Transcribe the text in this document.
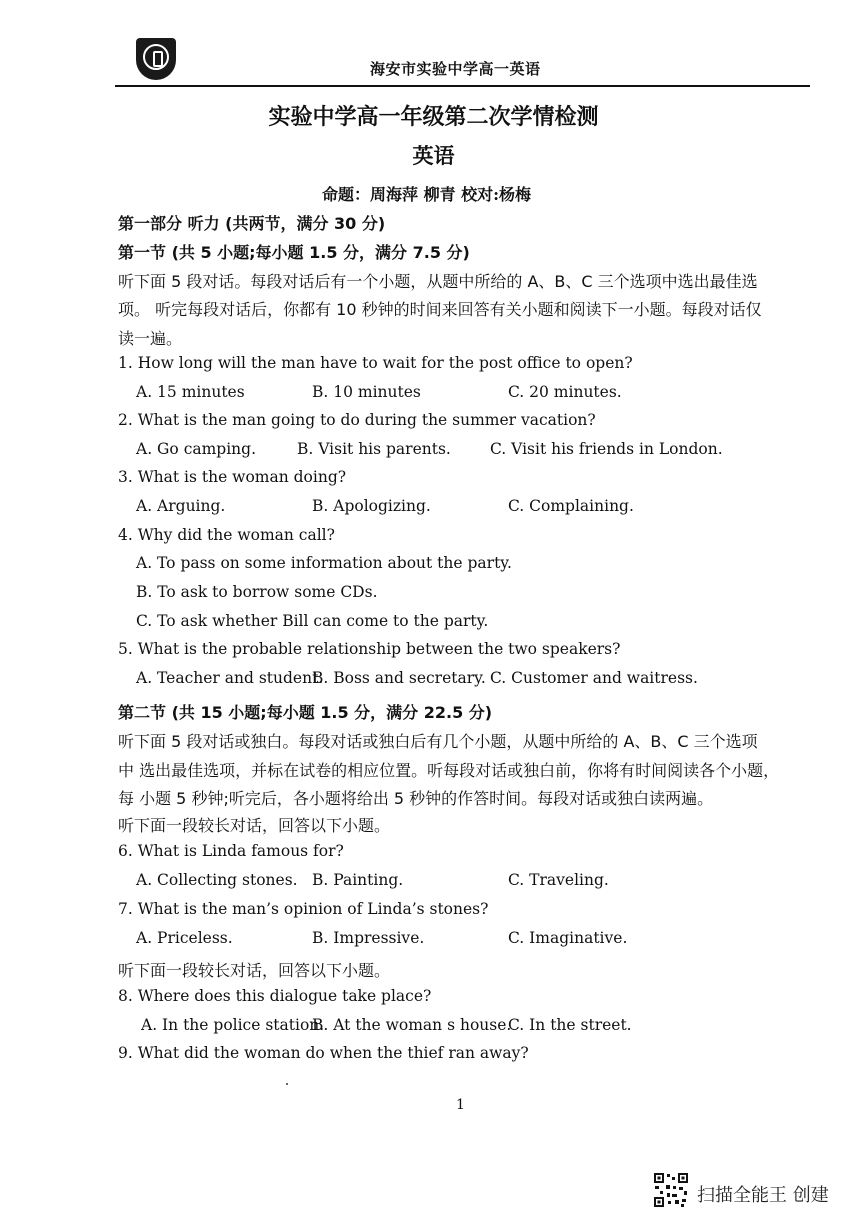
海安市实验中学高一英语
实验中学高一年级第二次学情检测
英语
命题：周海萍 柳青 校对:杨梅
第一部分 听力 (共两节，满分 30 分)
第一节 (共 5 小题;每小题 1.5 分，满分 7.5 分)
听下面 5 段对话。每段对话后有一个小题，从题中所给的 A、B、C 三个选项中选出最佳选
项。 听完每段对话后，你都有 10 秒钟的时间来回答有关小题和阅读下一小题。每段对话仅
读一遍。
1. How long will the man have to wait for the post office to open?
A. 15 minutes	B. 10 minutes	C. 20 minutes.
2. What is the man going to do during the summer vacation?
A. Go camping.	B. Visit his parents.	C. Visit his friends in London.
3. What is the woman doing?
A. Arguing.	B. Apologizing.	C. Complaining.
4. Why did the woman call?
A. To pass on some information about the party.
B. To ask to borrow some CDs.
C. To ask whether Bill can come to the party.
5. What is the probable relationship between the two speakers?
A. Teacher and student.
B. Boss and secretary. C. Customer and waitress.
第二节 (共 15 小题;每小题 1.5 分，满分 22.5 分)
听下面 5 段对话或独白。每段对话或独白后有几个小题，从题中所给的 A、B、C 三个选项
中 选出最佳选项，并标在试卷的相应位置。听每段对话或独白前，你将有时间阅读各个小题，
每 小题 5 秒钟;听完后，各小题将给出 5 秒钟的作答时间。每段对话或独白读两遍。
听下面一段较长对话，回答以下小题。
6. What is Linda famous for?
A. Collecting stones. B. Painting.	C. Traveling.
7. What is the man’s opinion of Linda’s stones?
A. Priceless.	B. Impressive.	C. Imaginative.
听下面一段较长对话，回答以下小题。
8. Where does this dialogue take place?
A. In the police station.
B. At the woman s house.
C. In the street.
9. What did the woman do when the thief ran away?
1
扫描全能王 创建
